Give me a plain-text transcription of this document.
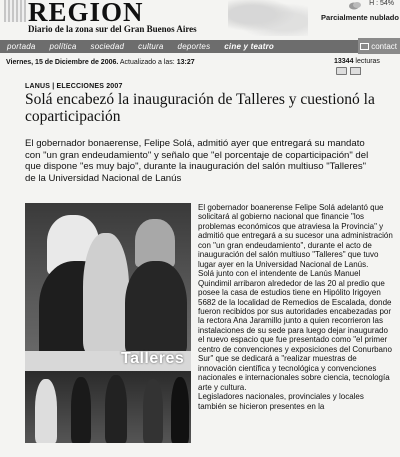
REGION
Diario de la zona sur del Gran Buenos Aires
H : 54%
Parcialmente nublado
portada	política	sociedad	cultura	deportes	cine y teatro	contact
Viernes, 15 de Diciembre de 2006. Actualizado a las: 13:27	13344 lecturas
LANUS | ELECCIONES 2007
Solá encabezó la inauguración de Talleres y cuestionó la coparticipación

El gobernador bonaerense, Felipe Solá, admitió ayer que entregará su mandato con "un gran endeudamiento" y señalo que "el porcentaje de coparticipación" del que dispone "es muy bajo", durante la inauguración del salón multiuso "Talleres" de la Universidad Nacional de Lanús

Talleres

El gobernador boanerense Felipe Solá adelantó que solicitará al gobierno nacional que financie "los problemas económicos que atraviesa la Provincia" y admitió que entregará a su sucesor una administración con "un gran endeudamiento", durante el acto de inauguración del salón multiuso "Talleres" que tuvo lugar ayer en la Universidad Nacional de Lanús.

Solá junto con el intendente de Lanús Manuel Quindimil arribaron alrededor de las 20 al predio que posee la casa de estudios tiene en Hipólito Irigoyen 5682 de la localidad de Remedios de Escalada, donde fueron recibidos por sus autoridades encabezadas por la rectora Ana Jaramillo junto a quien recorrieron las instalaciones de su sede para luego dejar inaugurado el nuevo espacio que fue presentado como "el primer centro de convenciones y exposiciones del Conurbano Sur" que se dedicará a "realizar muestras de innovación científica y tecnológica y convenciones nacionales e internacionales sobre ciencia, tecnología arte y cultura.

Legisladores nacionales, provinciales y locales también se hicieron presentes en la
